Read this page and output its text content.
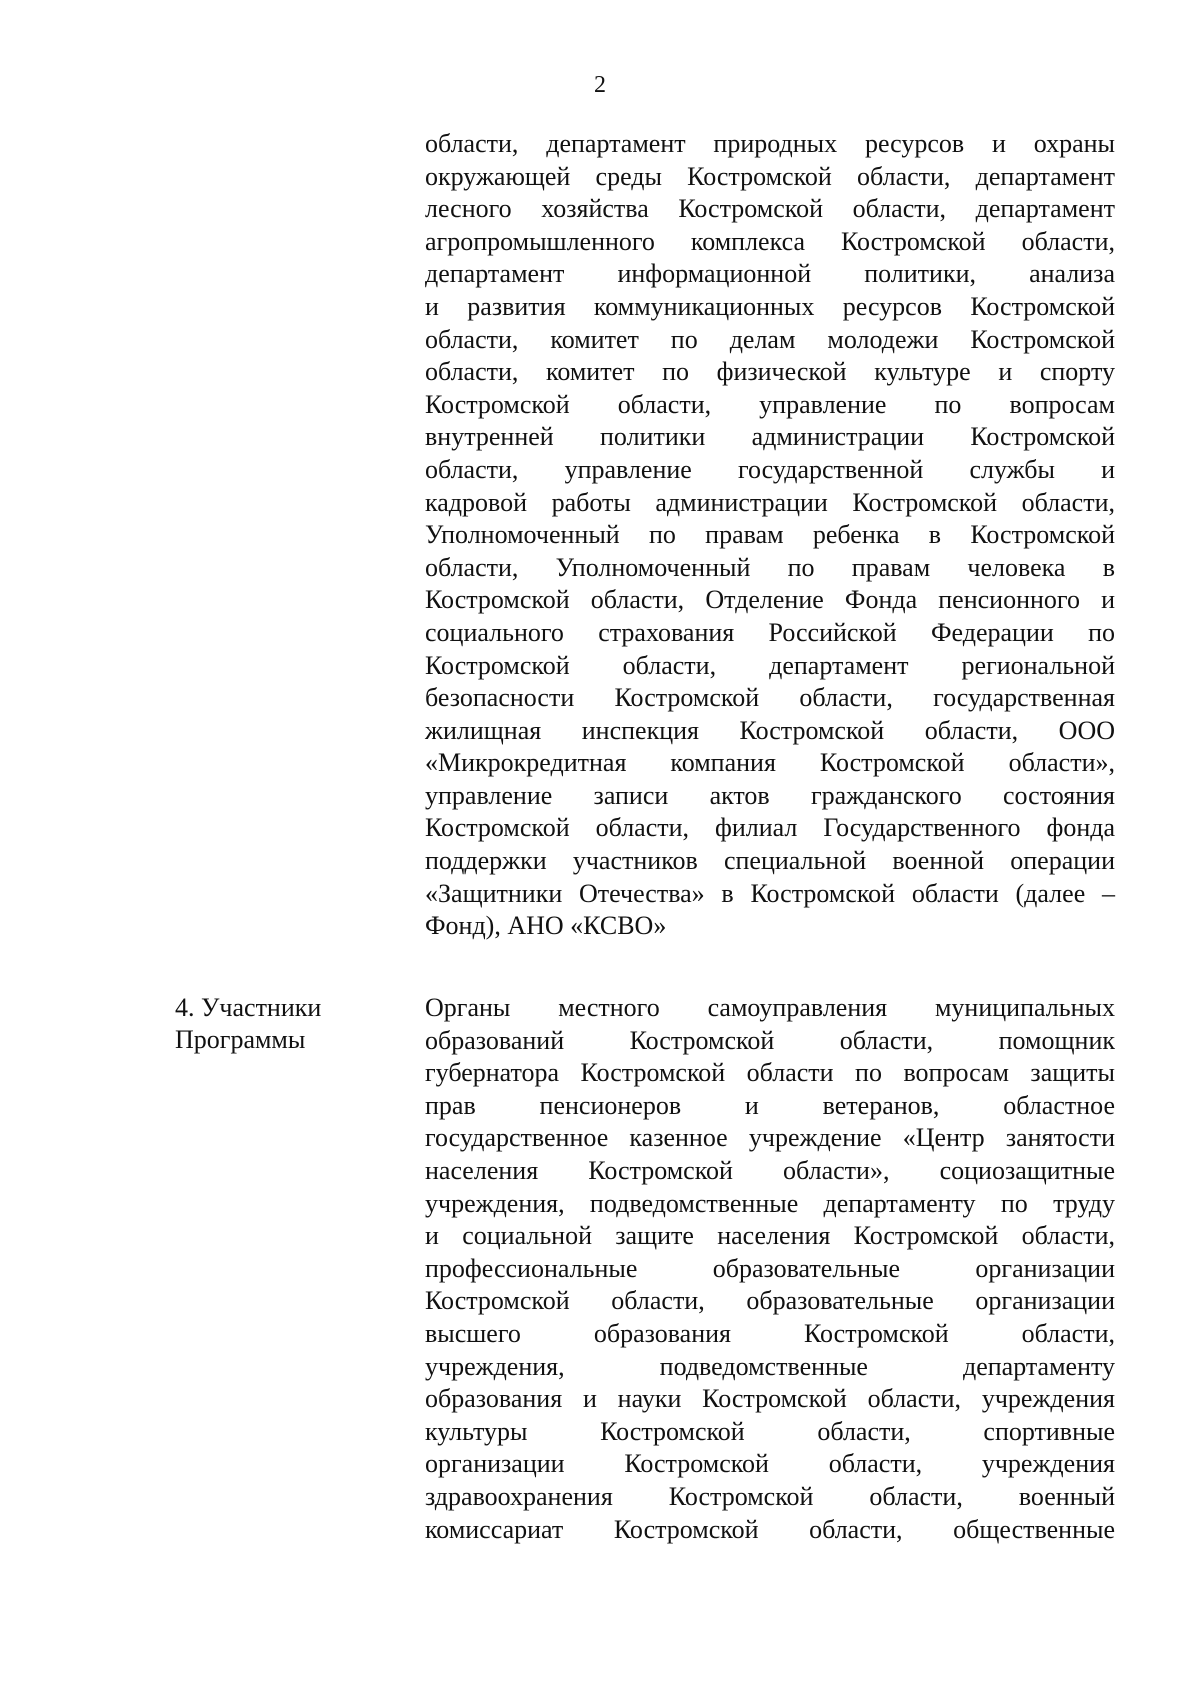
2
области, департамент природных ресурсов и охраны
окружающей среды Костромской области, департамент
лесного хозяйства Костромской области, департамент
агропромышленного комплекса Костромской области,
департамент информационной политики, анализа
и развития коммуникационных ресурсов Костромской
области, комитет по делам молодежи Костромской
области, комитет по физической культуре и спорту
Костромской области, управление по вопросам
внутренней политики администрации Костромской
области, управление государственной службы и
кадровой работы администрации Костромской области,
Уполномоченный по правам ребенка в Костромской
области, Уполномоченный по правам человека в
Костромской области, Отделение Фонда пенсионного и
социального страхования Российской Федерации по
Костромской области, департамент региональной
безопасности Костромской области, государственная
жилищная инспекция Костромской области, ООО
«Микрокредитная компания Костромской области»,
управление записи актов гражданского состояния
Костромской области, филиал Государственного фонда
поддержки участников специальной военной операции
«Защитники Отечества» в Костромской области (далее –
Фонд), АНО «КСВО»
4. Участники
Программы
Органы местного самоуправления муниципальных
образований Костромской области, помощник
губернатора Костромской области по вопросам защиты
прав пенсионеров и ветеранов, областное
государственное казенное учреждение «Центр занятости
населения Костромской области», социозащитные
учреждения, подведомственные департаменту по труду
и социальной защите населения Костромской области,
профессиональные образовательные организации
Костромской области, образовательные организации
высшего образования Костромской области,
учреждения, подведомственные департаменту
образования и науки Костромской области, учреждения
культуры Костромской области, спортивные
организации Костромской области, учреждения
здравоохранения Костромской области, военный
комиссариат Костромской области, общественные
